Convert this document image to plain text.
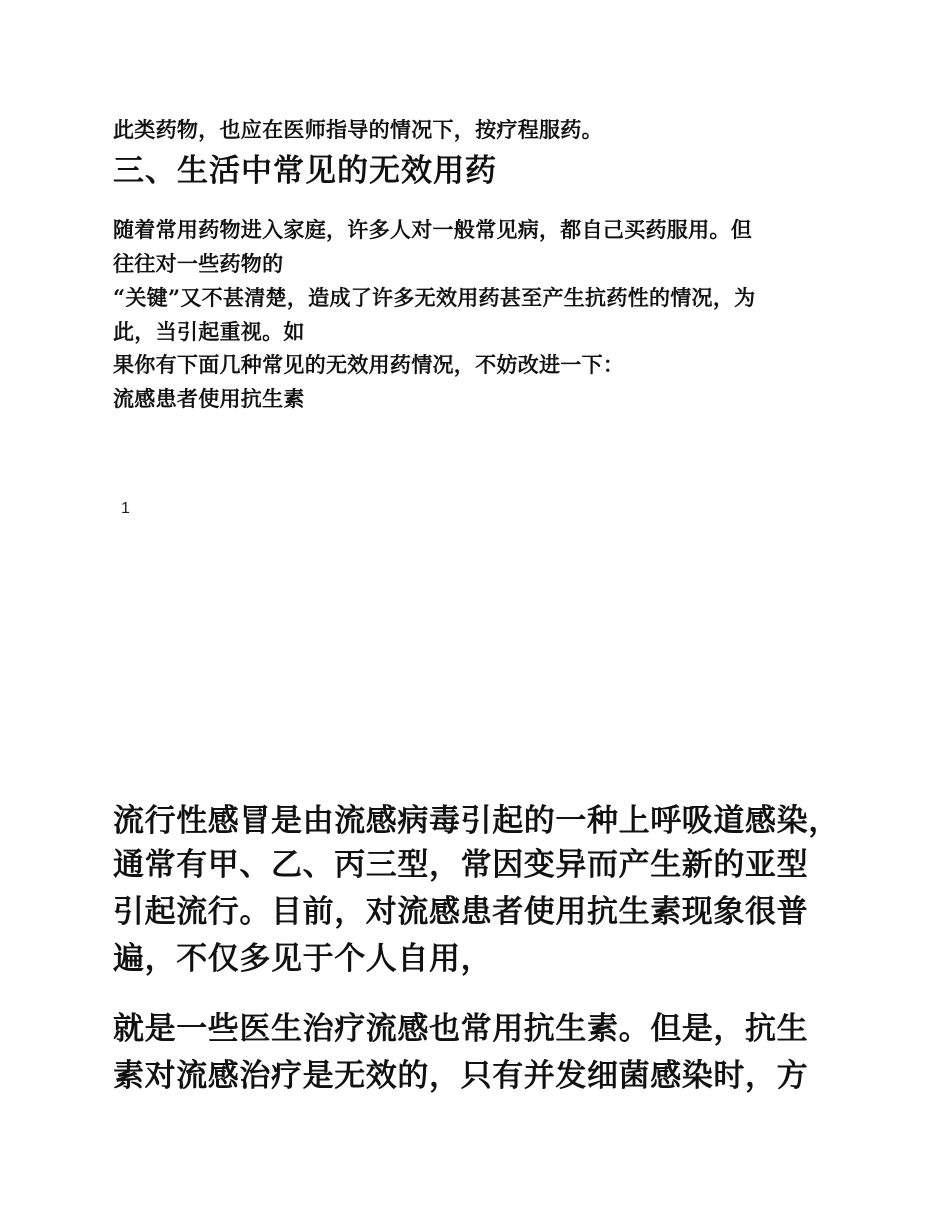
此类药物，也应在医师指导的情况下，按疗程服药。
三、生活中常见的无效用药
随着常用药物进入家庭，许多人对一般常见病，都自己买药服用。但
往往对一些药物的
“关键”又不甚清楚，造成了许多无效用药甚至产生抗药性的情况，为
此，当引起重视。如
果你有下面几种常见的无效用药情况，不妨改进一下：
流感患者使用抗生素
1
流行性感冒是由流感病毒引起的一种上呼吸道感染，
通常有甲、乙、丙三型，常因变异而产生新的亚型
引起流行。目前，对流感患者使用抗生素现象很普
遍，不仅多见于个人自用，
就是一些医生治疗流感也常用抗生素。但是，抗生
素对流感治疗是无效的，只有并发细菌感染时，方
